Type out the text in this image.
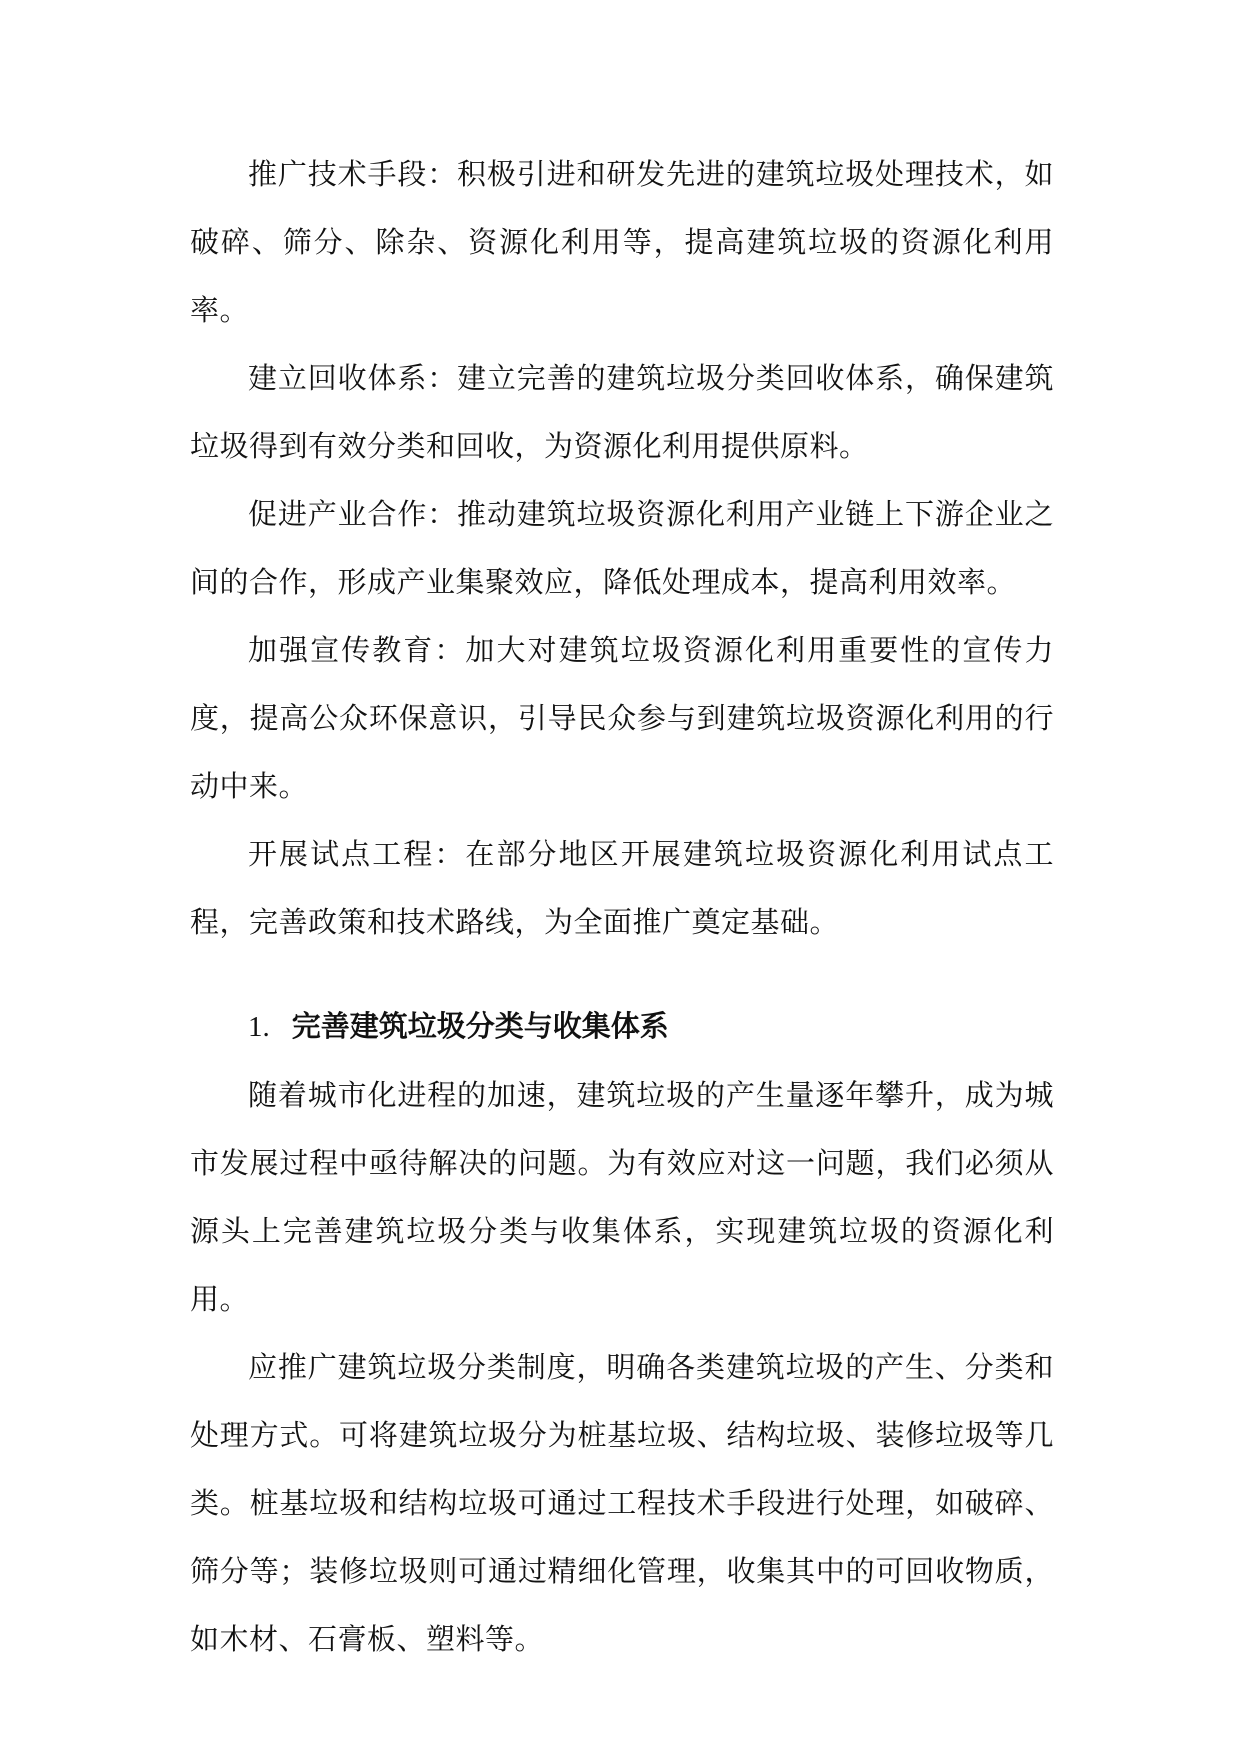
推广技术手段：积极引进和研发先进的建筑垃圾处理技术，如破碎、筛分、除杂、资源化利用等，提高建筑垃圾的资源化利用率。

建立回收体系：建立完善的建筑垃圾分类回收体系，确保建筑垃圾得到有效分类和回收，为资源化利用提供原料。

促进产业合作：推动建筑垃圾资源化利用产业链上下游企业之间的合作，形成产业集聚效应，降低处理成本，提高利用效率。

加强宣传教育：加大对建筑垃圾资源化利用重要性的宣传力度，提高公众环保意识，引导民众参与到建筑垃圾资源化利用的行动中来。

开展试点工程：在部分地区开展建筑垃圾资源化利用试点工程，完善政策和技术路线，为全面推广奠定基础。

1. 完善建筑垃圾分类与收集体系

随着城市化进程的加速，建筑垃圾的产生量逐年攀升，成为城市发展过程中亟待解决的问题。为有效应对这一问题，我们必须从源头上完善建筑垃圾分类与收集体系，实现建筑垃圾的资源化利用。

应推广建筑垃圾分类制度，明确各类建筑垃圾的产生、分类和处理方式。可将建筑垃圾分为桩基垃圾、结构垃圾、装修垃圾等几类。桩基垃圾和结构垃圾可通过工程技术手段进行处理，如破碎、筛分等；装修垃圾则可通过精细化管理，收集其中的可回收物质，如木材、石膏板、塑料等。
